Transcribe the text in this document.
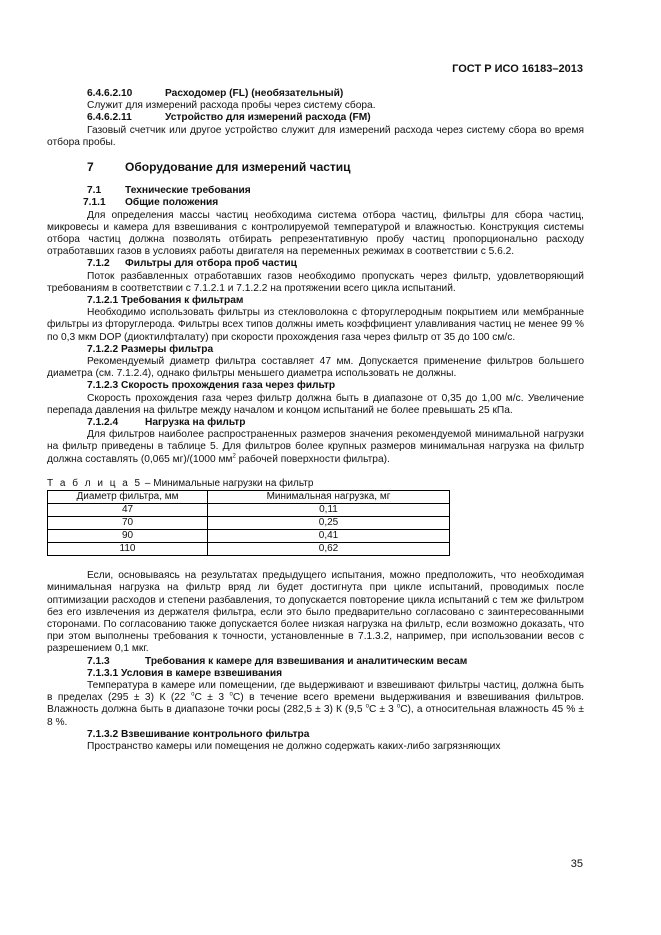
ГОСТ Р ИСО 16183–2013
6.4.6.2.10	Расходомер (FL) (необязательный)

Служит для измерений расхода пробы через систему сбора.

6.4.6.2.11	Устройство для измерений расхода (FM)

Газовый счетчик или другое устройство служит для измерений расхода через систему сбора во время отбора пробы.

7	Оборудование для измерений частиц
7.1 Технические требования
7.1.1 Общие положения

Для определения массы частиц необходима система отбора частиц, фильтры для сбора частиц, микровесы и камера для взвешивания с контролируемой температурой и влажностью. Конструкция системы отбора частиц должна позволять отбирать репрезентативную пробу частиц пропорционально расходу отработавших газов в условиях работы двигателя на переменных режимах в соответствии с 5.6.2.

7.1.2 Фильтры для отбора проб частиц

Поток разбавленных отработавших газов необходимо пропускать через фильтр, удовлетворяющий требованиям в соответствии с 7.1.2.1 и 7.1.2.2 на протяжении всего цикла испытаний.

7.1.2.1 Требования к фильтрам

Необходимо использовать фильтры из стекловолокна с фторуглеродным покрытием или мембранные фильтры из фторуглерода. Фильтры всех типов должны иметь коэффициент улавливания частиц не менее 99 % по 0,3 мкм DOP (диоктилфталату) при скорости прохождения газа через фильтр от 35 до 100 см/с.

7.1.2.2 Размеры фильтра

Рекомендуемый диаметр фильтра составляет 47 мм. Допускается применение фильтров большего диаметра (см. 7.1.2.4), однако фильтры меньшего диаметра использовать не должны.

7.1.2.3 Скорость прохождения газа через фильтр

Скорость прохождения газа через фильтр должна быть в диапазоне от 0,35 до 1,00 м/с. Увеличение перепада давления на фильтре между началом и концом испытаний не более превышать 25 кПа.

7.1.2.4	Нагрузка на фильтр

Для фильтров наиболее распространенных размеров значения рекомендуемой минимальной нагрузки на фильтр приведены в таблице 5. Для фильтров более крупных размеров минимальная нагрузка на фильтр должна составлять (0,065 мг)/(1000 $мм^2$ рабочей поверхности фильтра).

Т а б л и ц а 5 – Минимальные нагрузки на фильтр
Диаметр фильтра, мм	Минимальная нагрузка, мг
47	0,11
70	0,25
90	0,41
110	0,62

Если, основываясь на результатах предыдущего испытания, можно предположить, что необходимая минимальная нагрузка на фильтр вряд ли будет достигнута при цикле испытаний, проводимых после оптимизации расходов и степени разбавления, то допускается повторение цикла испытаний с тем же фильтром без его извлечения из держателя фильтра, если это было предварительно согласовано с заинтересованными сторонами. По согласованию также допускается более низкая нагрузка на фильтр, если возможно доказать, что при этом выполнены требования к точности, установленные в 7.1.3.2, например, при использовании весов с разрешением 0,1 мкг.

7.1.3	Требования к камере для взвешивания и аналитическим весам
7.1.3.1 Условия в камере взвешивания

Температура в камере или помещении, где выдерживают и взвешивают фильтры частиц, должна быть в пределах (295 ± 3) К (22 $^o$С ± 3 $^o$С) в течение всего времени выдерживания и взвешивания фильтров. Влажность должна быть в диапазоне точки росы (282,5 ± 3) К (9,5 $^o$С ± 3 $^o$С), а относительная влажность 45 % ± 8 %.

7.1.3.2 Взвешивание контрольного фильтра

Пространство камеры или помещения не должно содержать каких-либо загрязняющих

35
